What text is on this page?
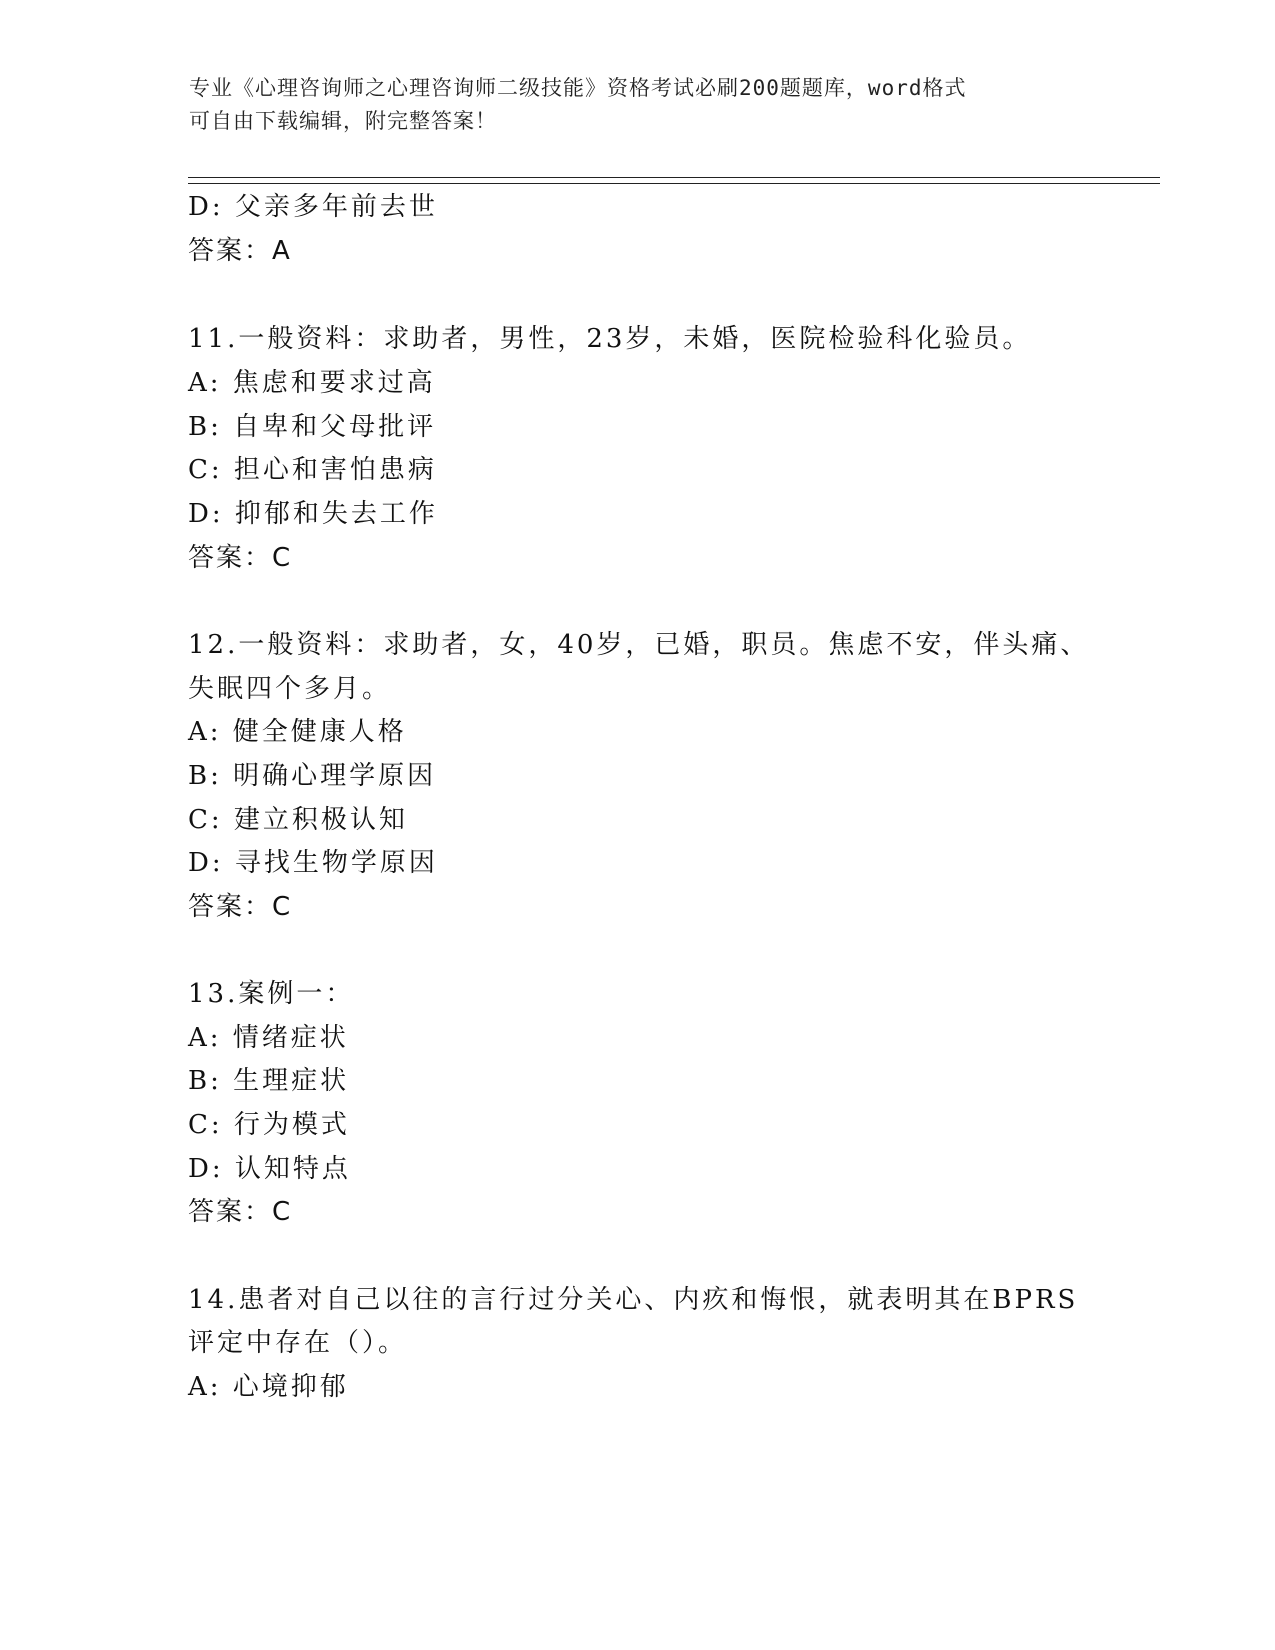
专业《心理咨询师之心理咨询师二级技能》资格考试必刷200题题库，word格式
可自由下载编辑，附完整答案！
D: 父亲多年前去世
答案：A
11.一般资料：求助者，男性，23岁，未婚，医院检验科化验员。
A: 焦虑和要求过高
B: 自卑和父母批评
C: 担心和害怕患病
D: 抑郁和失去工作
答案：C
12.一般资料：求助者，女，40岁，已婚，职员。焦虑不安，伴头痛、
失眠四个多月。
A: 健全健康人格
B: 明确心理学原因
C: 建立积极认知
D: 寻找生物学原因
答案：C
13.案例一：
A: 情绪症状
B: 生理症状
C: 行为模式
D: 认知特点
答案：C
14.患者对自己以往的言行过分关心、内疚和悔恨，就表明其在BPRS
评定中存在（）。
A: 心境抑郁
